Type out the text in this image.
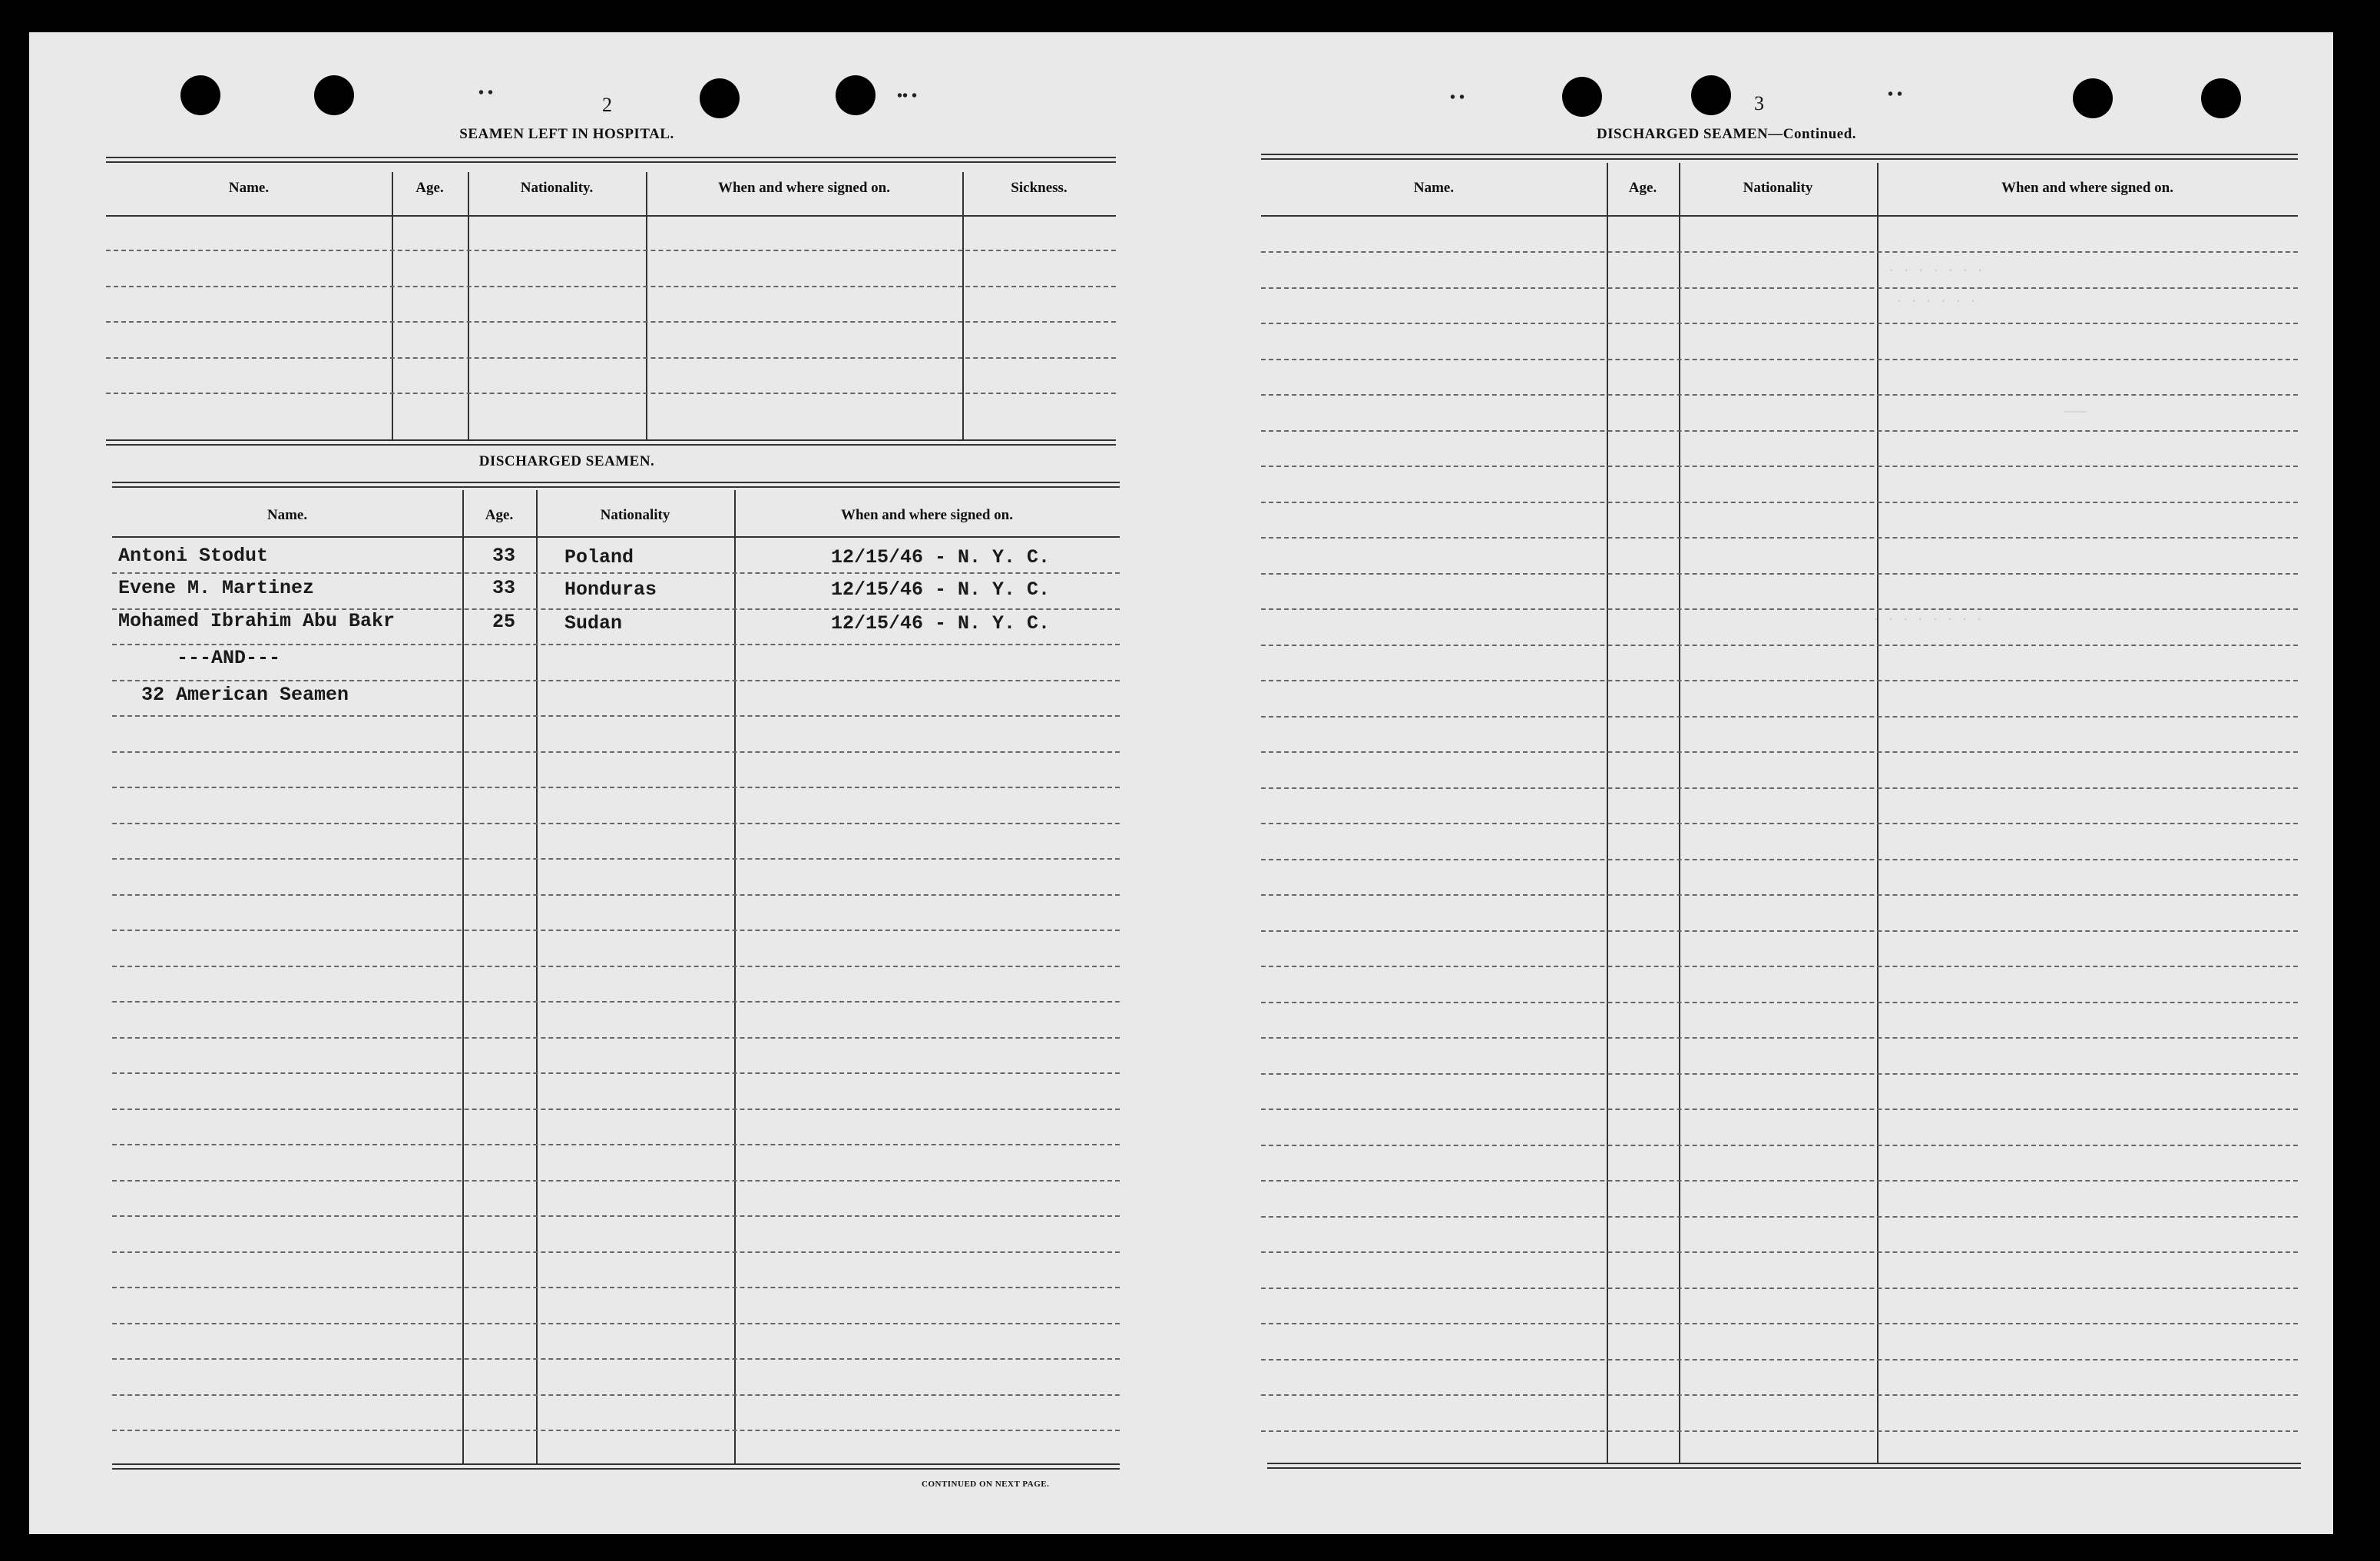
• •	•• •	• •	• •
2
SEAMEN LEFT IN HOSPITAL.
Name.	Age.	Nationality.	When and where signed on.	Sickness.
DISCHARGED SEAMEN.
Name.	Age.	Nationality	When and where signed on.
Antoni Stodut	33	Poland	12/15/46 - N. Y. C.
Evene M. Martinez	33	Honduras	12/15/46 - N. Y. C.
Mohamed Ibrahim Abu Bakr	25	Sudan	12/15/46 - N. Y. C.
---AND---
32 American Seamen
CONTINUED ON NEXT PAGE.
. . . . . . .
. . . . . .
———
. . . . . . . .
3
DISCHARGED SEAMEN—Continued.
Name.	Age.	Nationality	When and where signed on.
